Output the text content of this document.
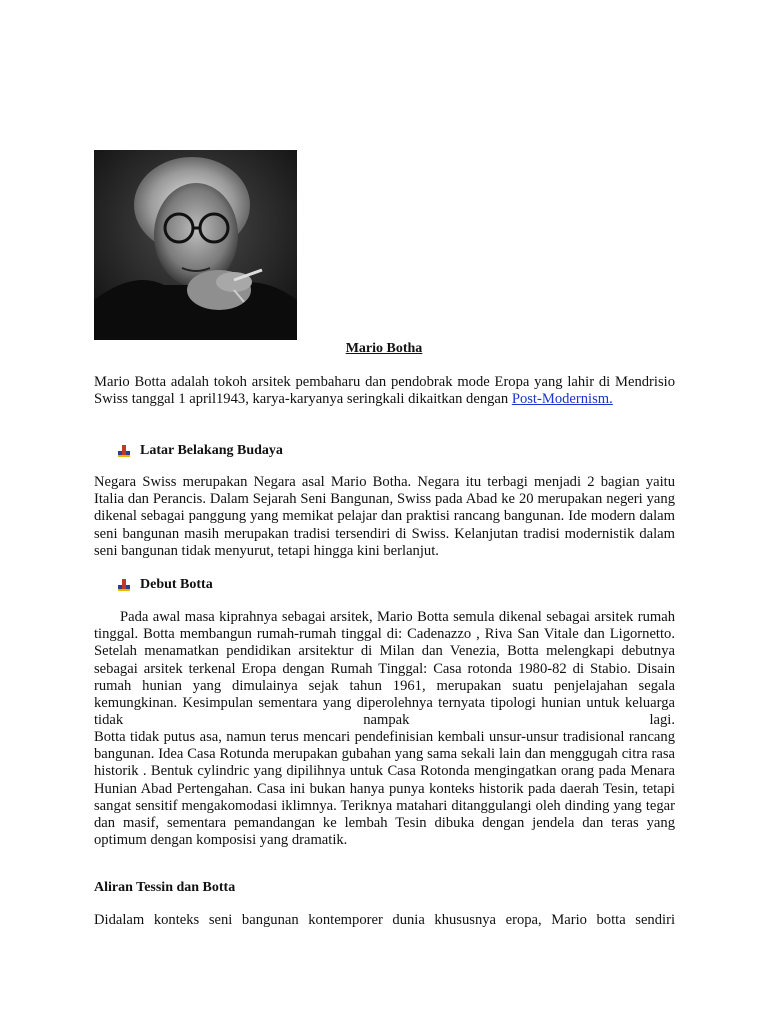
Mario Botha
Mario Botta adalah tokoh arsitek pembaharu dan pendobrak mode Eropa yang lahir di Mendrisio Swiss tanggal 1 april1943, karya-karyanya seringkali dikaitkan dengan Post-Modernism.
Latar Belakang Budaya
Negara Swiss merupakan Negara asal Mario Botha. Negara itu terbagi menjadi 2 bagian yaitu Italia dan Perancis. Dalam Sejarah Seni Bangunan, Swiss pada Abad ke 20 merupakan negeri yang dikenal sebagai panggung yang memikat pelajar dan praktisi rancang bangunan. Ide modern dalam seni bangunan masih merupakan tradisi tersendiri di Swiss. Kelanjutan tradisi modernistik dalam seni bangunan tidak menyurut, tetapi hingga kini berlanjut.
Debut Botta
Pada awal masa kiprahnya sebagai arsitek, Mario Botta semula dikenal sebagai arsitek rumah tinggal. Botta membangun rumah-rumah tinggal di: Cadenazzo , Riva San Vitale dan Ligornetto. Setelah menamatkan pendidikan arsitektur di Milan dan Venezia, Botta melengkapi debutnya sebagai arsitek terkenal Eropa dengan Rumah Tinggal: Casa rotonda 1980-82 di Stabio. Disain rumah hunian yang dimulainya sejak tahun 1961, merupakan suatu penjelajahan segala kemungkinan. Kesimpulan sementara yang diperolehnya ternyata tipologi hunian untuk keluarga tidak nampak lagi.
Botta tidak putus asa, namun terus mencari pendefinisian kembali unsur-unsur tradisional rancang bangunan. Idea Casa Rotunda merupakan gubahan yang sama sekali lain dan menggugah citra rasa historik . Bentuk cylindric yang dipilihnya untuk Casa Rotonda mengingatkan orang pada Menara Hunian Abad Pertengahan. Casa ini bukan hanya punya konteks historik pada daerah Tesin, tetapi sangat sensitif mengakomodasi iklimnya. Teriknya matahari ditanggulangi oleh dinding yang tegar dan masif, sementara pemandangan ke lembah Tesin dibuka dengan jendela dan teras yang optimum dengan komposisi yang dramatik.
Aliran Tessin dan Botta
Didalam konteks seni bangunan kontemporer dunia khususnya eropa, Mario botta sendiri
